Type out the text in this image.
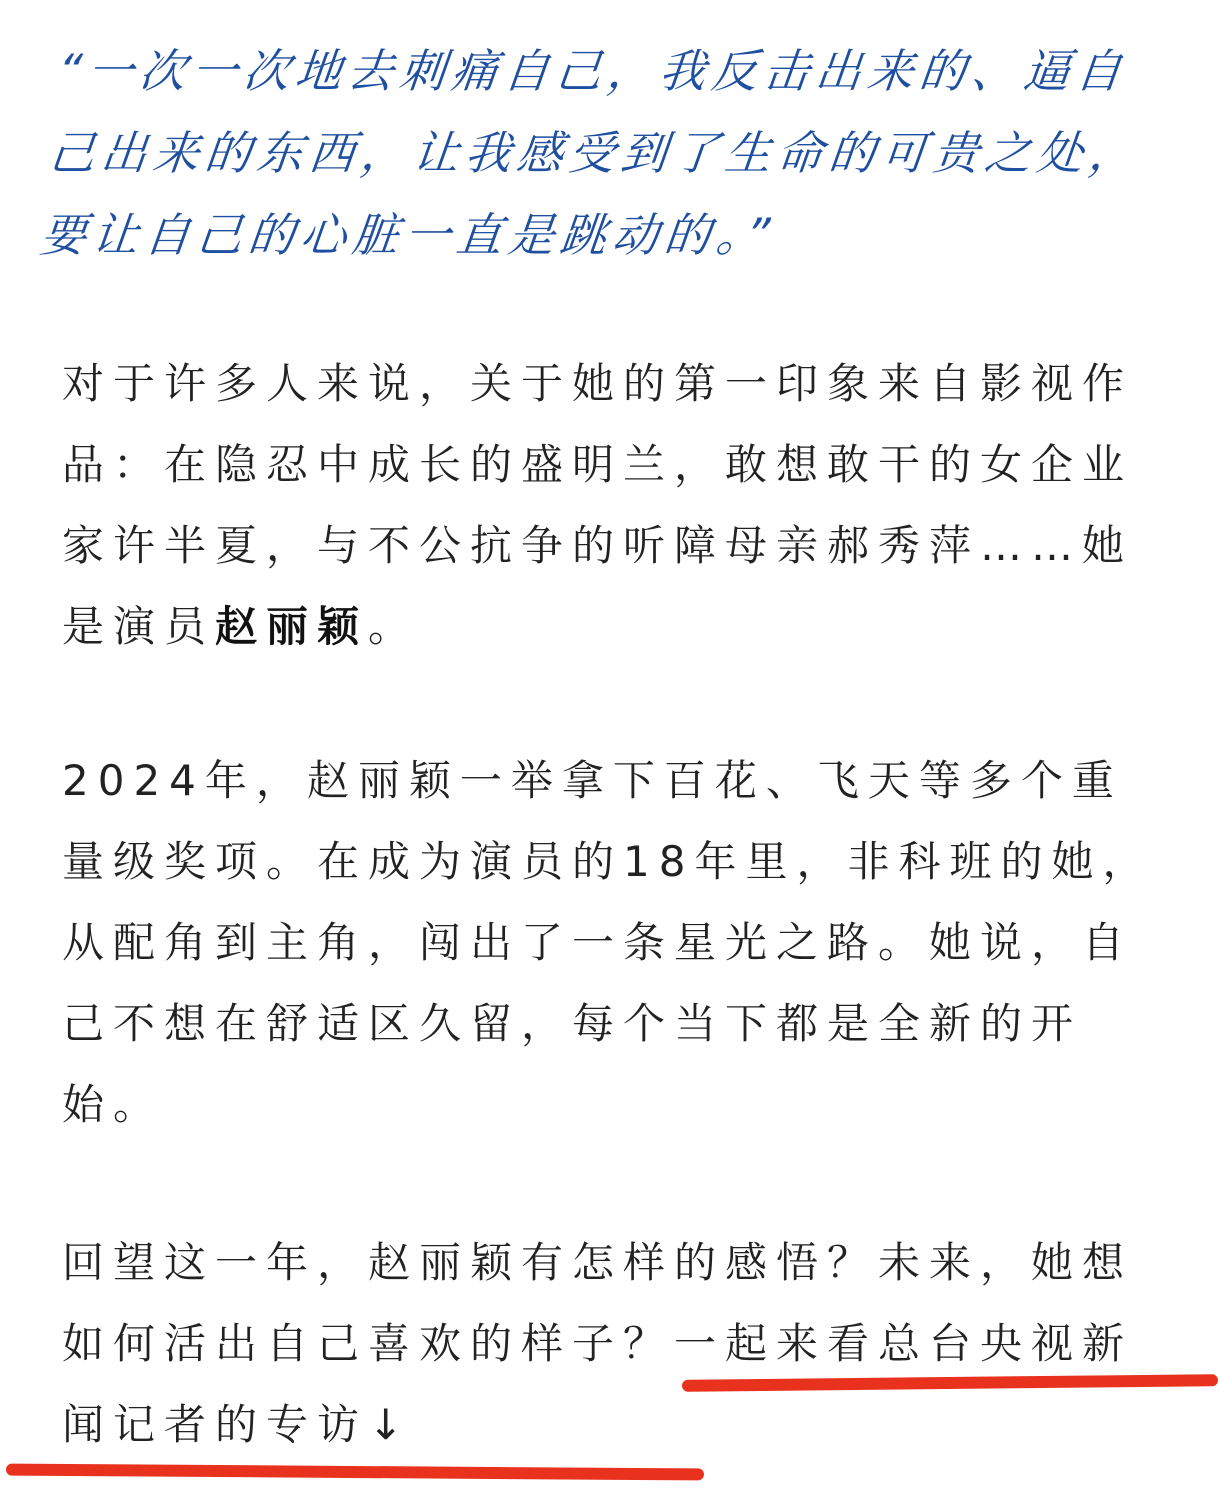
“一次一次地去刺痛自己，我反击出来的、逼自己出来的东西，让我感受到了生命的可贵之处，要让自己的心脏一直是跳动的。”
对于许多人来说，关于她的第一印象来自影视作品：在隐忍中成长的盛明兰，敢想敢干的女企业家许半夏，与不公抗争的听障母亲郝秀萍……她是演员赵丽颖。
2024年，赵丽颖一举拿下百花、飞天等多个重量级奖项。在成为演员的18年里，非科班的她，从配角到主角，闯出了一条星光之路。她说，自己不想在舒适区久留，每个当下都是全新的开始。
回望这一年，赵丽颖有怎样的感悟？未来，她想如何活出自己喜欢的样子？一起来看总台央视新闻记者的专访↓
